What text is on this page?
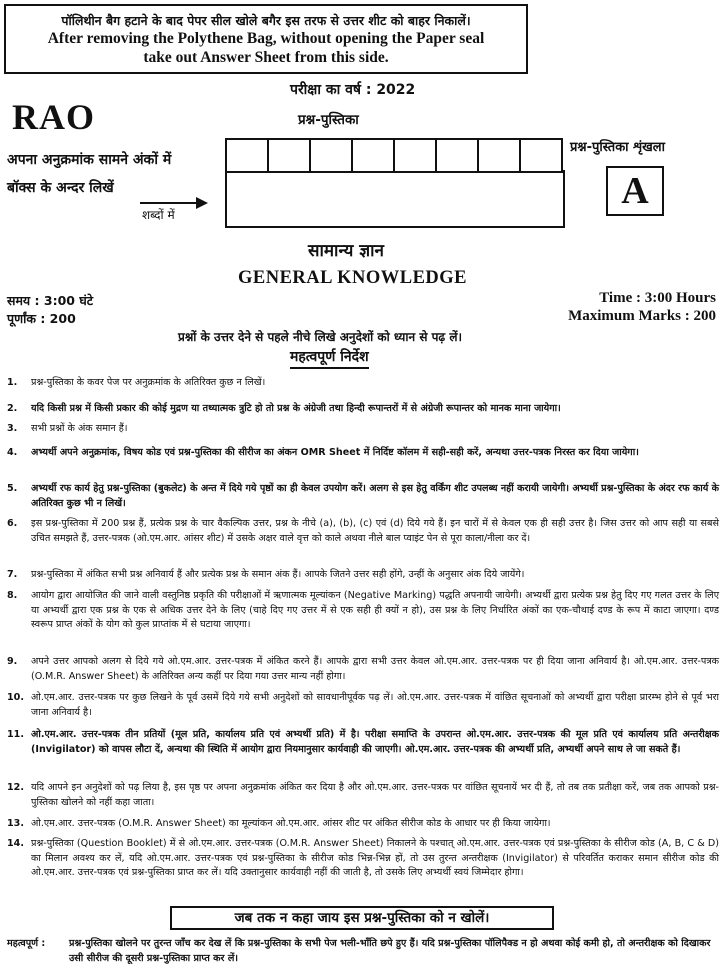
पॉलिथीन बैग हटाने के बाद पेपर सील खोले बगैर इस तरफ से उत्तर शीट को बाहर निकालें।
After removing the Polythene Bag, without opening the Paper seal
take out Answer Sheet from this side.
RAO
परीक्षा का वर्ष : 2022
प्रश्न-पुस्तिका
अपना अनुक्रमांक सामने अंकों में
बॉक्स के अन्दर लिखें
शब्दों में
प्रश्न-पुस्तिका शृंखला
A
सामान्य ज्ञान
GENERAL KNOWLEDGE
समय : 3:00 घंटे
पूर्णांक : 200
Time : 3:00 Hours
Maximum Marks : 200
प्रश्नों के उत्तर देने से पहले नीचे लिखे अनुदेशों को ध्यान से पढ़ लें।
महत्वपूर्ण निर्देश
1.	प्रश्न-पुस्तिका के कवर पेज पर अनुक्रमांक के अतिरिक्त कुछ न लिखें।
2.	यदि किसी प्रश्न में किसी प्रकार की कोई मुद्रण या तथ्यात्मक त्रुटि हो तो प्रश्न के अंग्रेजी तथा हिन्दी रूपान्तरों में से अंग्रेजी रूपान्तर को मानक माना जायेगा।
3.	सभी प्रश्नों के अंक समान हैं।
4.	अभ्यर्थी अपने अनुक्रमांक, विषय कोड एवं प्रश्न-पुस्तिका की सीरीज का अंकन OMR Sheet में निर्दिष्ट कॉलम में सही-सही करें, अन्यथा उत्तर-पत्रक निरस्त कर दिया जायेगा।
5.	अभ्यर्थी रफ कार्य हेतु प्रश्न-पुस्तिका (बुकलेट) के अन्त में दिये गये पृष्ठों का ही केवल उपयोग करें। अलग से इस हेतु वर्किंग शीट उपलब्ध नहीं करायी जायेगी। अभ्यर्थी प्रश्न-पुस्तिका के अंदर रफ कार्य के अतिरिक्त कुछ भी न लिखें।
6.	इस प्रश्न-पुस्तिका में 200 प्रश्न हैं, प्रत्येक प्रश्न के चार वैकल्पिक उत्तर, प्रश्न के नीचे (a), (b), (c) एवं (d) दिये गये हैं। इन चारों में से केवल एक ही सही उत्तर है। जिस उत्तर को आप सही या सबसे उचित समझते हैं, उत्तर-पत्रक (ओ.एम.आर. आंसर शीट) में उसके अक्षर वाले वृत्त को काले अथवा नीले बाल प्वाइंट पेन से पूरा काला/नीला कर दें।
7.	प्रश्न-पुस्तिका में अंकित सभी प्रश्न अनिवार्य हैं और प्रत्येक प्रश्न के समान अंक हैं। आपके जितने उत्तर सही होंगे, उन्हीं के अनुसार अंक दिये जायेंगे।
8.	आयोग द्वारा आयोजित की जाने वाली वस्तुनिष्ठ प्रकृति की परीक्षाओं में ऋणात्मक मूल्यांकन (Negative Marking) पद्धति अपनायी जायेगी। अभ्यर्थी द्वारा प्रत्येक प्रश्न हेतु दिए गए गलत उत्तर के लिए या अभ्यर्थी द्वारा एक प्रश्न के एक से अधिक उत्तर देने के लिए (चाहे दिए गए उत्तर में से एक सही ही क्यों न हो), उस प्रश्न के लिए निर्धारित अंकों का एक-चौथाई दण्ड के रूप में काटा जाएगा। दण्ड स्वरूप प्राप्त अंकों के योग को कुल प्राप्तांक में से घटाया जाएगा।
9.	अपने उत्तर आपको अलग से दिये गये ओ.एम.आर. उत्तर-पत्रक में अंकित करने हैं। आपके द्वारा सभी उत्तर केवल ओ.एम.आर. उत्तर-पत्रक पर ही दिया जाना अनिवार्य है। ओ.एम.आर. उत्तर-पत्रक (O.M.R. Answer Sheet) के अतिरिक्त अन्य कहीं पर दिया गया उत्तर मान्य नहीं होगा।
10. ओ.एम.आर. उत्तर-पत्रक पर कुछ लिखने के पूर्व उसमें दिये गये सभी अनुदेशों को सावधानीपूर्वक पढ़ लें। ओ.एम.आर. उत्तर-पत्रक में वांछित सूचनाओं को अभ्यर्थी द्वारा परीक्षा प्रारम्भ होने से पूर्व भरा जाना अनिवार्य है।
11. ओ.एम.आर. उत्तर-पत्रक तीन प्रतियों (मूल प्रति, कार्यालय प्रति एवं अभ्यर्थी प्रति) में है। परीक्षा समाप्ति के उपरान्त ओ.एम.आर. उत्तर-पत्रक की मूल प्रति एवं कार्यालय प्रति अन्तरीक्षक (Invigilator) को वापस लौटा दें, अन्यथा की स्थिति में आयोग द्वारा नियमानुसार कार्यवाही की जाएगी। ओ.एम.आर. उत्तर-पत्रक की अभ्यर्थी प्रति, अभ्यर्थी अपने साथ ले जा सकते हैं।
12. यदि आपने इन अनुदेशों को पढ़ लिया है, इस पृष्ठ पर अपना अनुक्रमांक अंकित कर दिया है और ओ.एम.आर. उत्तर-पत्रक पर वांछित सूचनायें भर दी हैं, तो तब तक प्रतीक्षा करें, जब तक आपको प्रश्न-पुस्तिका खोलने को नहीं कहा जाता।
13. ओ.एम.आर. उत्तर-पत्रक (O.M.R. Answer Sheet) का मूल्यांकन ओ.एम.आर. आंसर शीट पर अंकित सीरीज कोड के आधार पर ही किया जायेगा।
14. प्रश्न-पुस्तिका (Question Booklet) में से ओ.एम.आर. उत्तर-पत्रक (O.M.R. Answer Sheet) निकालने के पश्चात् ओ.एम.आर. उत्तर-पत्रक एवं प्रश्न-पुस्तिका के सीरीज कोड (A, B, C & D) का मिलान अवश्य कर लें, यदि ओ.एम.आर. उत्तर-पत्रक एवं प्रश्न-पुस्तिका के सीरीज कोड भिन्न-भिन्न हों, तो उस तुरन्त अन्तरीक्षक (Invigilator) से परिवर्तित कराकर समान सीरीज कोड की ओ.एम.आर. उत्तर-पत्रक एवं प्रश्न-पुस्तिका प्राप्त कर लें। यदि उक्तानुसार कार्यवाही नहीं की जाती है, तो उसके लिए अभ्यर्थी स्वयं जिम्मेदार होगा।
जब तक न कहा जाय इस प्रश्न-पुस्तिका को न खोलें।
महत्वपूर्ण :	प्रश्न-पुस्तिका खोलने पर तुरन्त जाँच कर देख लें कि प्रश्न-पुस्तिका के सभी पेज भली-भाँति छपे हुए हैं। यदि प्रश्न-पुस्तिका पॉलिपैक्ड न हो अथवा कोई कमी हो, तो अन्तरीक्षक को दिखाकर उसी सीरीज की दूसरी प्रश्न-पुस्तिका प्राप्त कर लें।
